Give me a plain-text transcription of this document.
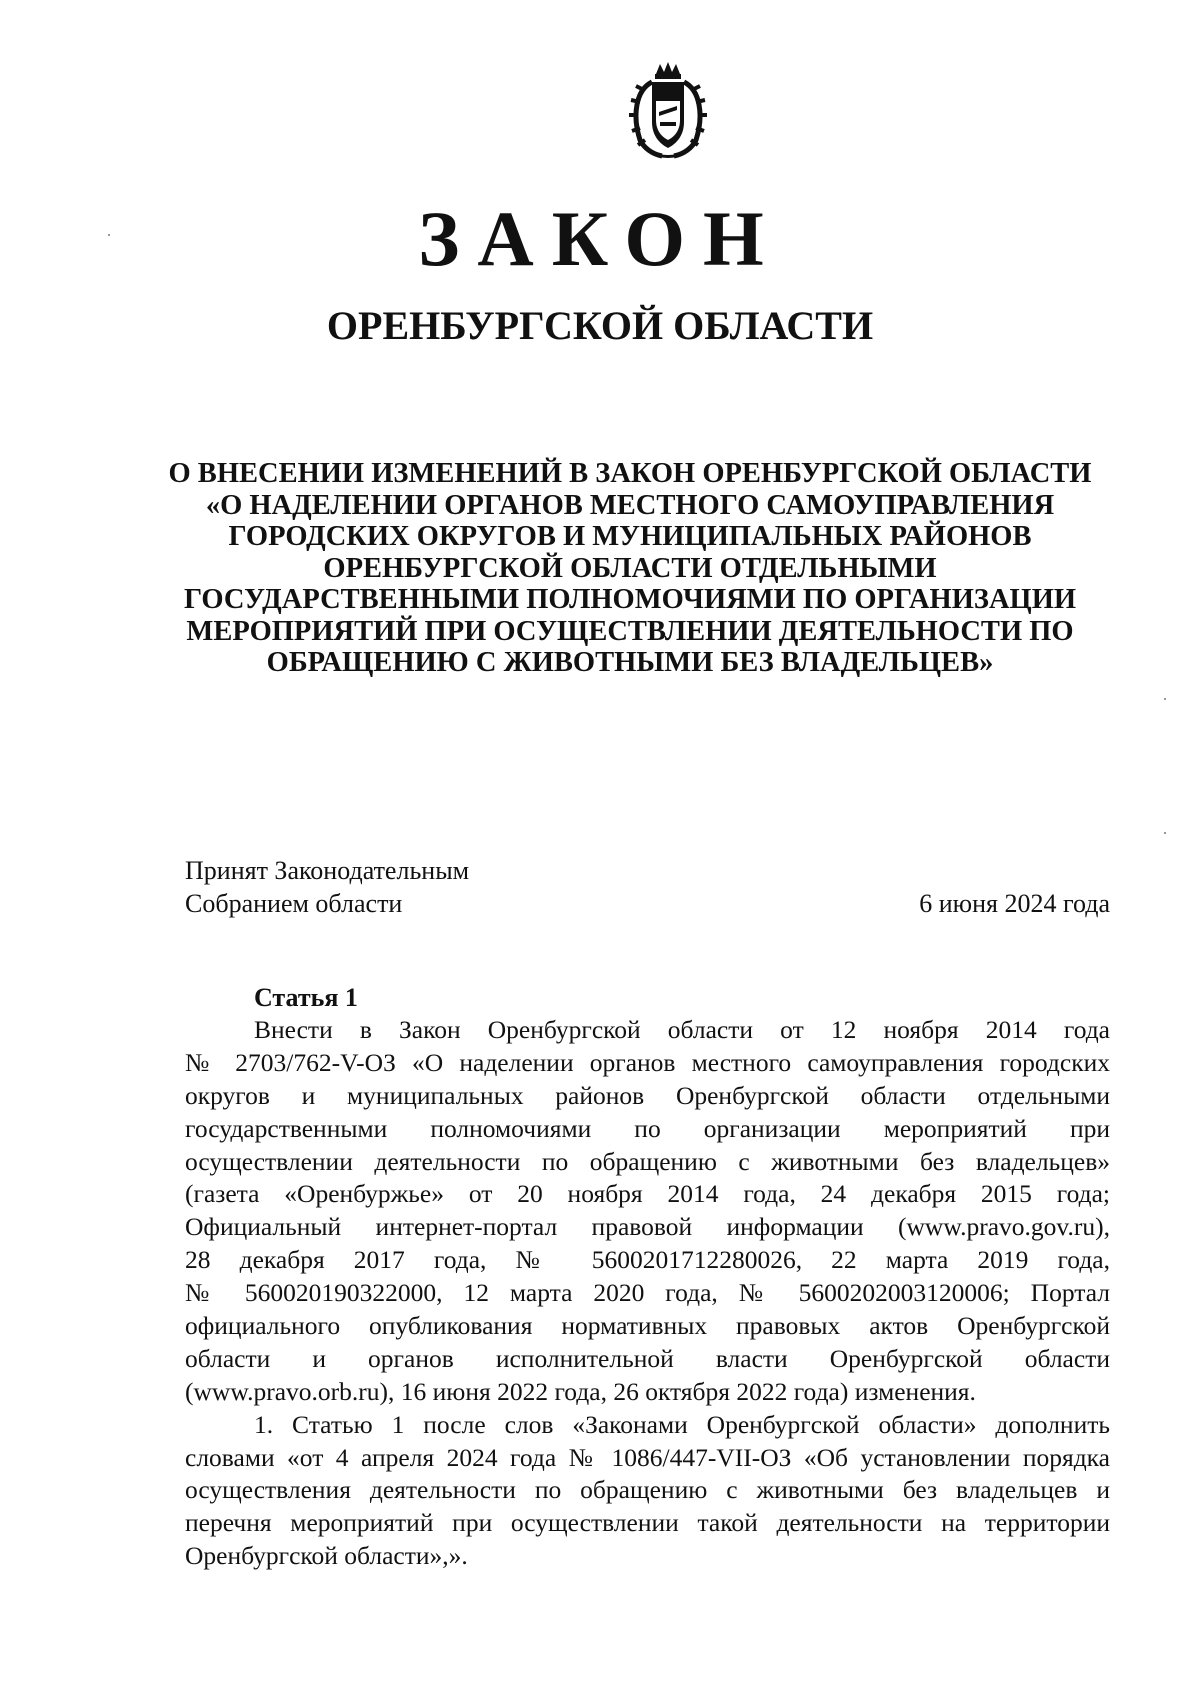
ЗАКОН
ОРЕНБУРГСКОЙ ОБЛАСТИ
О ВНЕСЕНИИ ИЗМЕНЕНИЙ В ЗАКОН ОРЕНБУРГСКОЙ ОБЛАСТИ
«О НАДЕЛЕНИИ ОРГАНОВ МЕСТНОГО САМОУПРАВЛЕНИЯ
ГОРОДСКИХ ОКРУГОВ И МУНИЦИПАЛЬНЫХ РАЙОНОВ
ОРЕНБУРГСКОЙ ОБЛАСТИ ОТДЕЛЬНЫМИ
ГОСУДАРСТВЕННЫМИ ПОЛНОМОЧИЯМИ ПО ОРГАНИЗАЦИИ
МЕРОПРИЯТИЙ ПРИ ОСУЩЕСТВЛЕНИИ ДЕЯТЕЛЬНОСТИ ПО
ОБРАЩЕНИЮ С ЖИВОТНЫМИ БЕЗ ВЛАДЕЛЬЦЕВ»
Принят Законодательным
Собранием области	6 июня 2024 года
Статья 1
Внести в Закон Оренбургской области от 12 ноября 2014 года
№ 2703/762-V-ОЗ «О наделении органов местного самоуправления городских
округов и муниципальных районов Оренбургской области отдельными
государственными полномочиями по организации мероприятий при
осуществлении деятельности по обращению с животными без владельцев»
(газета «Оренбуржье» от 20 ноября 2014 года, 24 декабря 2015 года;
Официальный интернет-портал правовой информации (www.pravo.gov.ru),
28 декабря 2017 года, № 5600201712280026, 22 марта 2019 года,
№ 560020190322000, 12 марта 2020 года, № 5600202003120006; Портал
официального опубликования нормативных правовых актов Оренбургской
области и органов исполнительной власти Оренбургской области
(www.pravo.orb.ru), 16 июня 2022 года, 26 октября 2022 года) изменения.
1. Статью 1 после слов «Законами Оренбургской области» дополнить
словами «от 4 апреля 2024 года № 1086/447-VII-ОЗ «Об установлении порядка
осуществления деятельности по обращению с животными без владельцев и
перечня мероприятий при осуществлении такой деятельности на территории
Оренбургской области»,».
